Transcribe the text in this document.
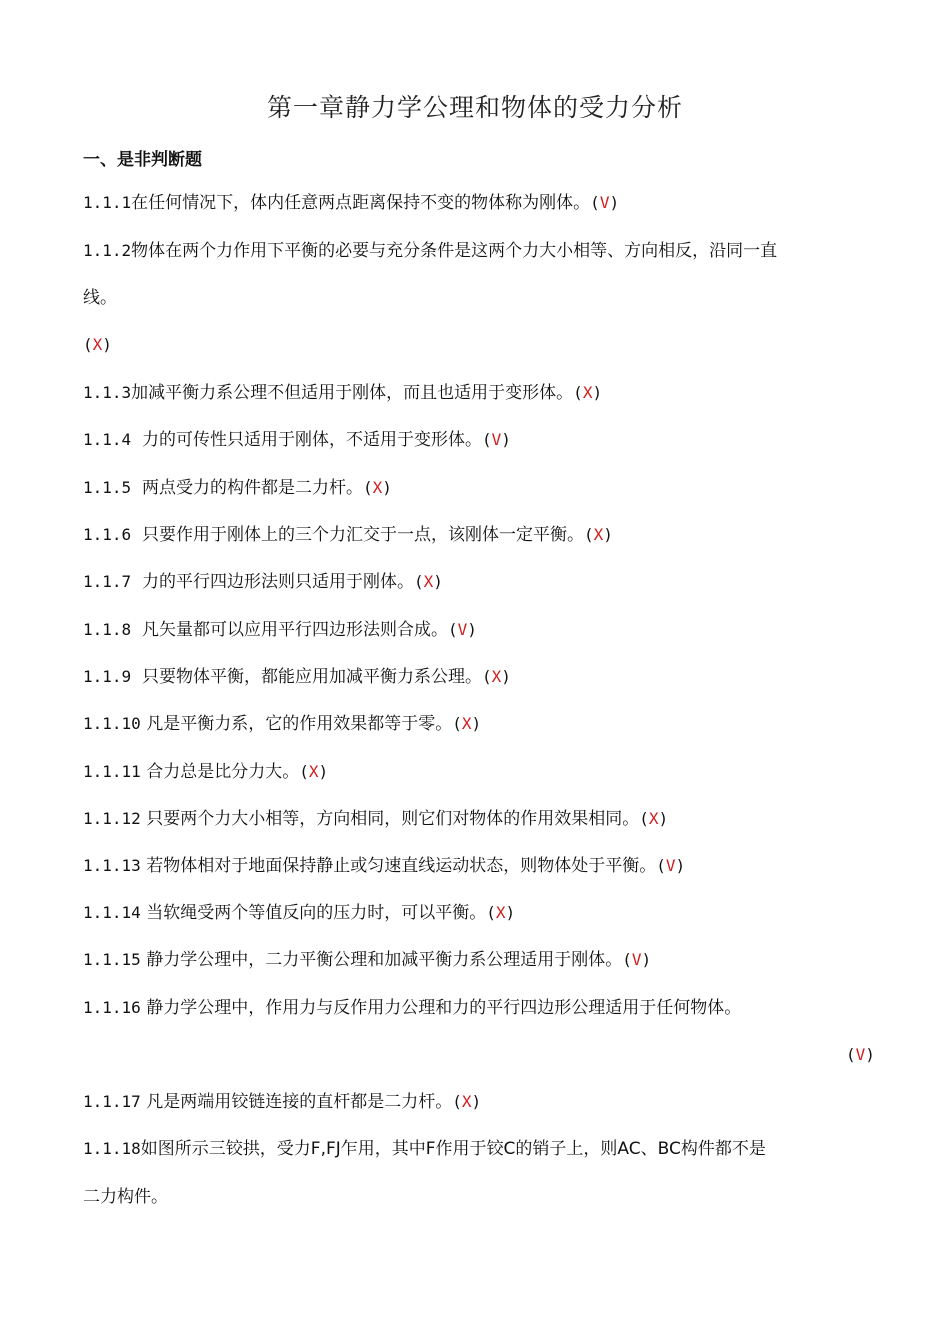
第一章静力学公理和物体的受力分析
一、是非判断题
1.1.1在任何情况下，体内任意两点距离保持不变的物体称为刚体。(V)
1.1.2物体在两个力作用下平衡的必要与充分条件是这两个力大小相等、方向相反，沿同一直
线。
(X)
1.1.3加减平衡力系公理不但适用于刚体，而且也适用于变形体。(X)
1.1.4 力的可传性只适用于刚体，不适用于变形体。(V)
1.1.5 两点受力的构件都是二力杆。(X)
1.1.6 只要作用于刚体上的三个力汇交于一点，该刚体一定平衡。(X)
1.1.7 力的平行四边形法则只适用于刚体。(X)
1.1.8 凡矢量都可以应用平行四边形法则合成。(V)
1.1.9 只要物体平衡，都能应用加减平衡力系公理。(X)
1.1.10 凡是平衡力系，它的作用效果都等于零。(X)
1.1.11 合力总是比分力大。(X)
1.1.12 只要两个力大小相等，方向相同，则它们对物体的作用效果相同。(X)
1.1.13 若物体相对于地面保持静止或匀速直线运动状态，则物体处于平衡。(V)
1.1.14 当软绳受两个等值反向的压力时，可以平衡。(X)
1.1.15 静力学公理中，二力平衡公理和加减平衡力系公理适用于刚体。(V)
1.1.16 静力学公理中，作用力与反作用力公理和力的平行四边形公理适用于任何物体。
(V)
1.1.17 凡是两端用铰链连接的直杆都是二力杆。(X)
1.1.18如图所示三铰拱，受力F,FJ乍用，其中F作用于铰C的销子上，则AC、BC构件都不是
二力构件。
